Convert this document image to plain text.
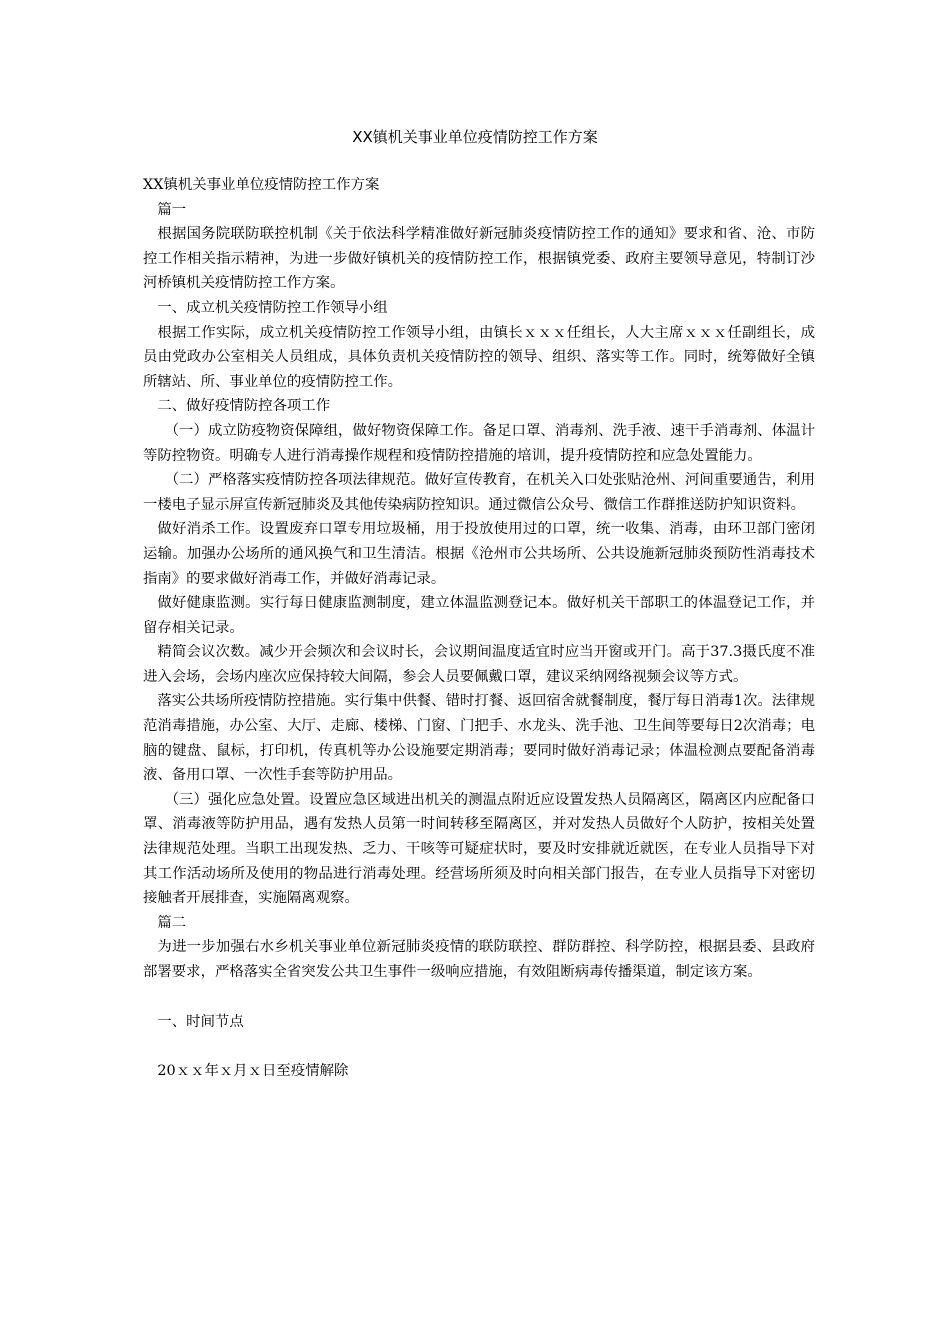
XX镇机关事业单位疫情防控工作方案

XX镇机关事业单位疫情防控工作方案

篇一

根据国务院联防联控机制《关于依法科学精准做好新冠肺炎疫情防控工作的通知》要求和省、沧、市防控工作相关指示精神，为进一步做好镇机关的疫情防控工作，根据镇党委、政府主要领导意见，特制订沙河桥镇机关疫情防控工作方案。

一、成立机关疫情防控工作领导小组

根据工作实际，成立机关疫情防控工作领导小组，由镇长ｘｘｘ任组长，人大主席ｘｘｘ任副组长，成员由党政办公室相关人员组成，具体负责机关疫情防控的领导、组织、落实等工作。同时，统筹做好全镇所辖站、所、事业单位的疫情防控工作。

二、做好疫情防控各项工作

（一）成立防疫物资保障组，做好物资保障工作。备足口罩、消毒剂、洗手液、速干手消毒剂、体温计等防控物资。明确专人进行消毒操作规程和疫情防控措施的培训，提升疫情防控和应急处置能力。

（二）严格落实疫情防控各项法律规范。做好宣传教育，在机关入口处张贴沧州、河间重要通告，利用一楼电子显示屏宣传新冠肺炎及其他传染病防控知识。通过微信公众号、微信工作群推送防护知识资料。

做好消杀工作。设置废弃口罩专用垃圾桶，用于投放使用过的口罩，统一收集、消毒，由环卫部门密闭运输。加强办公场所的通风换气和卫生清洁。根据《沧州市公共场所、公共设施新冠肺炎预防性消毒技术指南》的要求做好消毒工作，并做好消毒记录。

做好健康监测。实行每日健康监测制度，建立体温监测登记本。做好机关干部职工的体温登记工作，并留存相关记录。

精简会议次数。减少开会频次和会议时长，会议期间温度适宜时应当开窗或开门。高于37.3摄氏度不准进入会场，会场内座次应保持较大间隔，参会人员要佩戴口罩，建议采纳网络视频会议等方式。

落实公共场所疫情防控措施。实行集中供餐、错时打餐、返回宿舍就餐制度，餐厅每日消毒1次。法律规范消毒措施，办公室、大厅、走廊、楼梯、门窗、门把手、水龙头、洗手池、卫生间等要每日2次消毒；电脑的键盘、鼠标，打印机，传真机等办公设施要定期消毒；要同时做好消毒记录；体温检测点要配备消毒液、备用口罩、一次性手套等防护用品。

（三）强化应急处置。设置应急区域进出机关的测温点附近应设置发热人员隔离区，隔离区内应配备口罩、消毒液等防护用品，遇有发热人员第一时间转移至隔离区，并对发热人员做好个人防护，按相关处置法律规范处理。当职工出现发热、乏力、干咳等可疑症状时，要及时安排就近就医，在专业人员指导下对其工作活动场所及使用的物品进行消毒处理。经营场所须及时向相关部门报告，在专业人员指导下对密切接触者开展排查，实施隔离观察。

篇二

为进一步加强右水乡机关事业单位新冠肺炎疫情的联防联控、群防群控、科学防控，根据县委、县政府部署要求，严格落实全省突发公共卫生事件一级响应措施，有效阻断病毒传播渠道，制定该方案。

一、时间节点

20ｘｘ年ｘ月ｘ日至疫情解除
